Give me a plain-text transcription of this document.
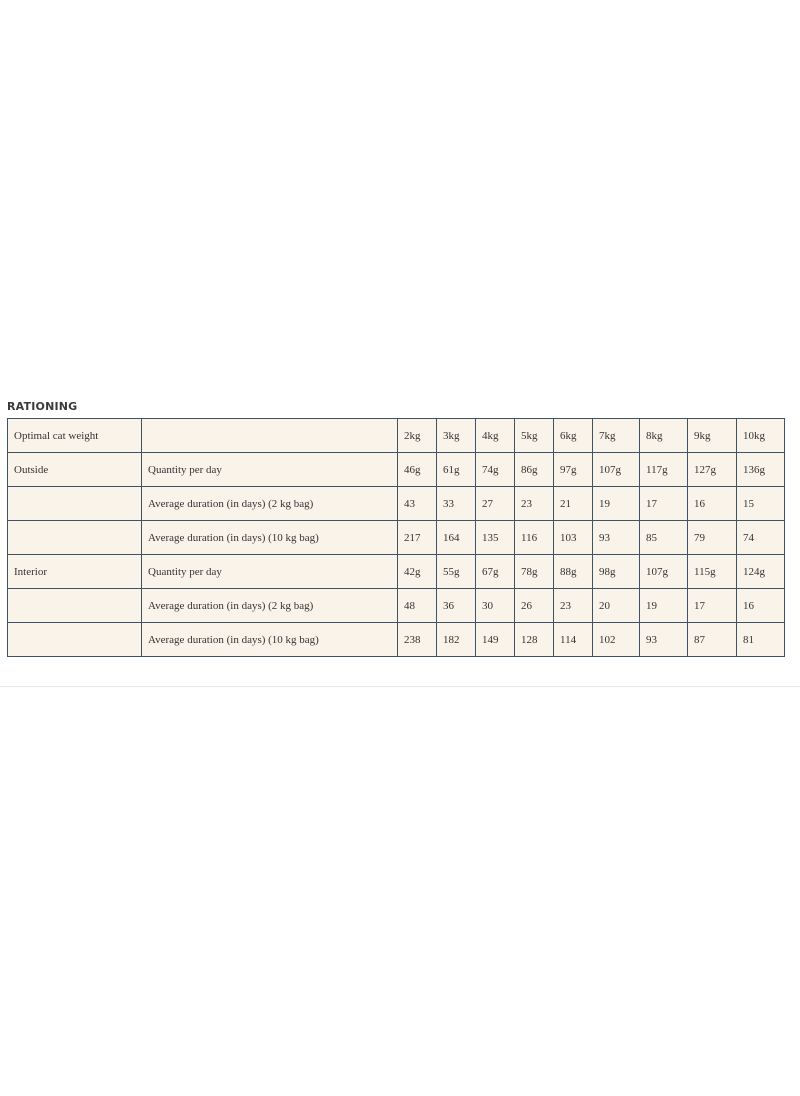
RATIONING
Optimal cat weight		2kg	3kg	4kg	5kg	6kg	7kg	8kg	9kg	10kg
Outside	Quantity per day	46g	61g	74g	86g	97g	107g	117g	127g	136g
	Average duration (in days) (2 kg bag)	43	33	27	23	21	19	17	16	15
	Average duration (in days) (10 kg bag)	217	164	135	116	103	93	85	79	74
Interior	Quantity per day	42g	55g	67g	78g	88g	98g	107g	115g	124g
	Average duration (in days) (2 kg bag)	48	36	30	26	23	20	19	17	16
	Average duration (in days) (10 kg bag)	238	182	149	128	114	102	93	87	81
